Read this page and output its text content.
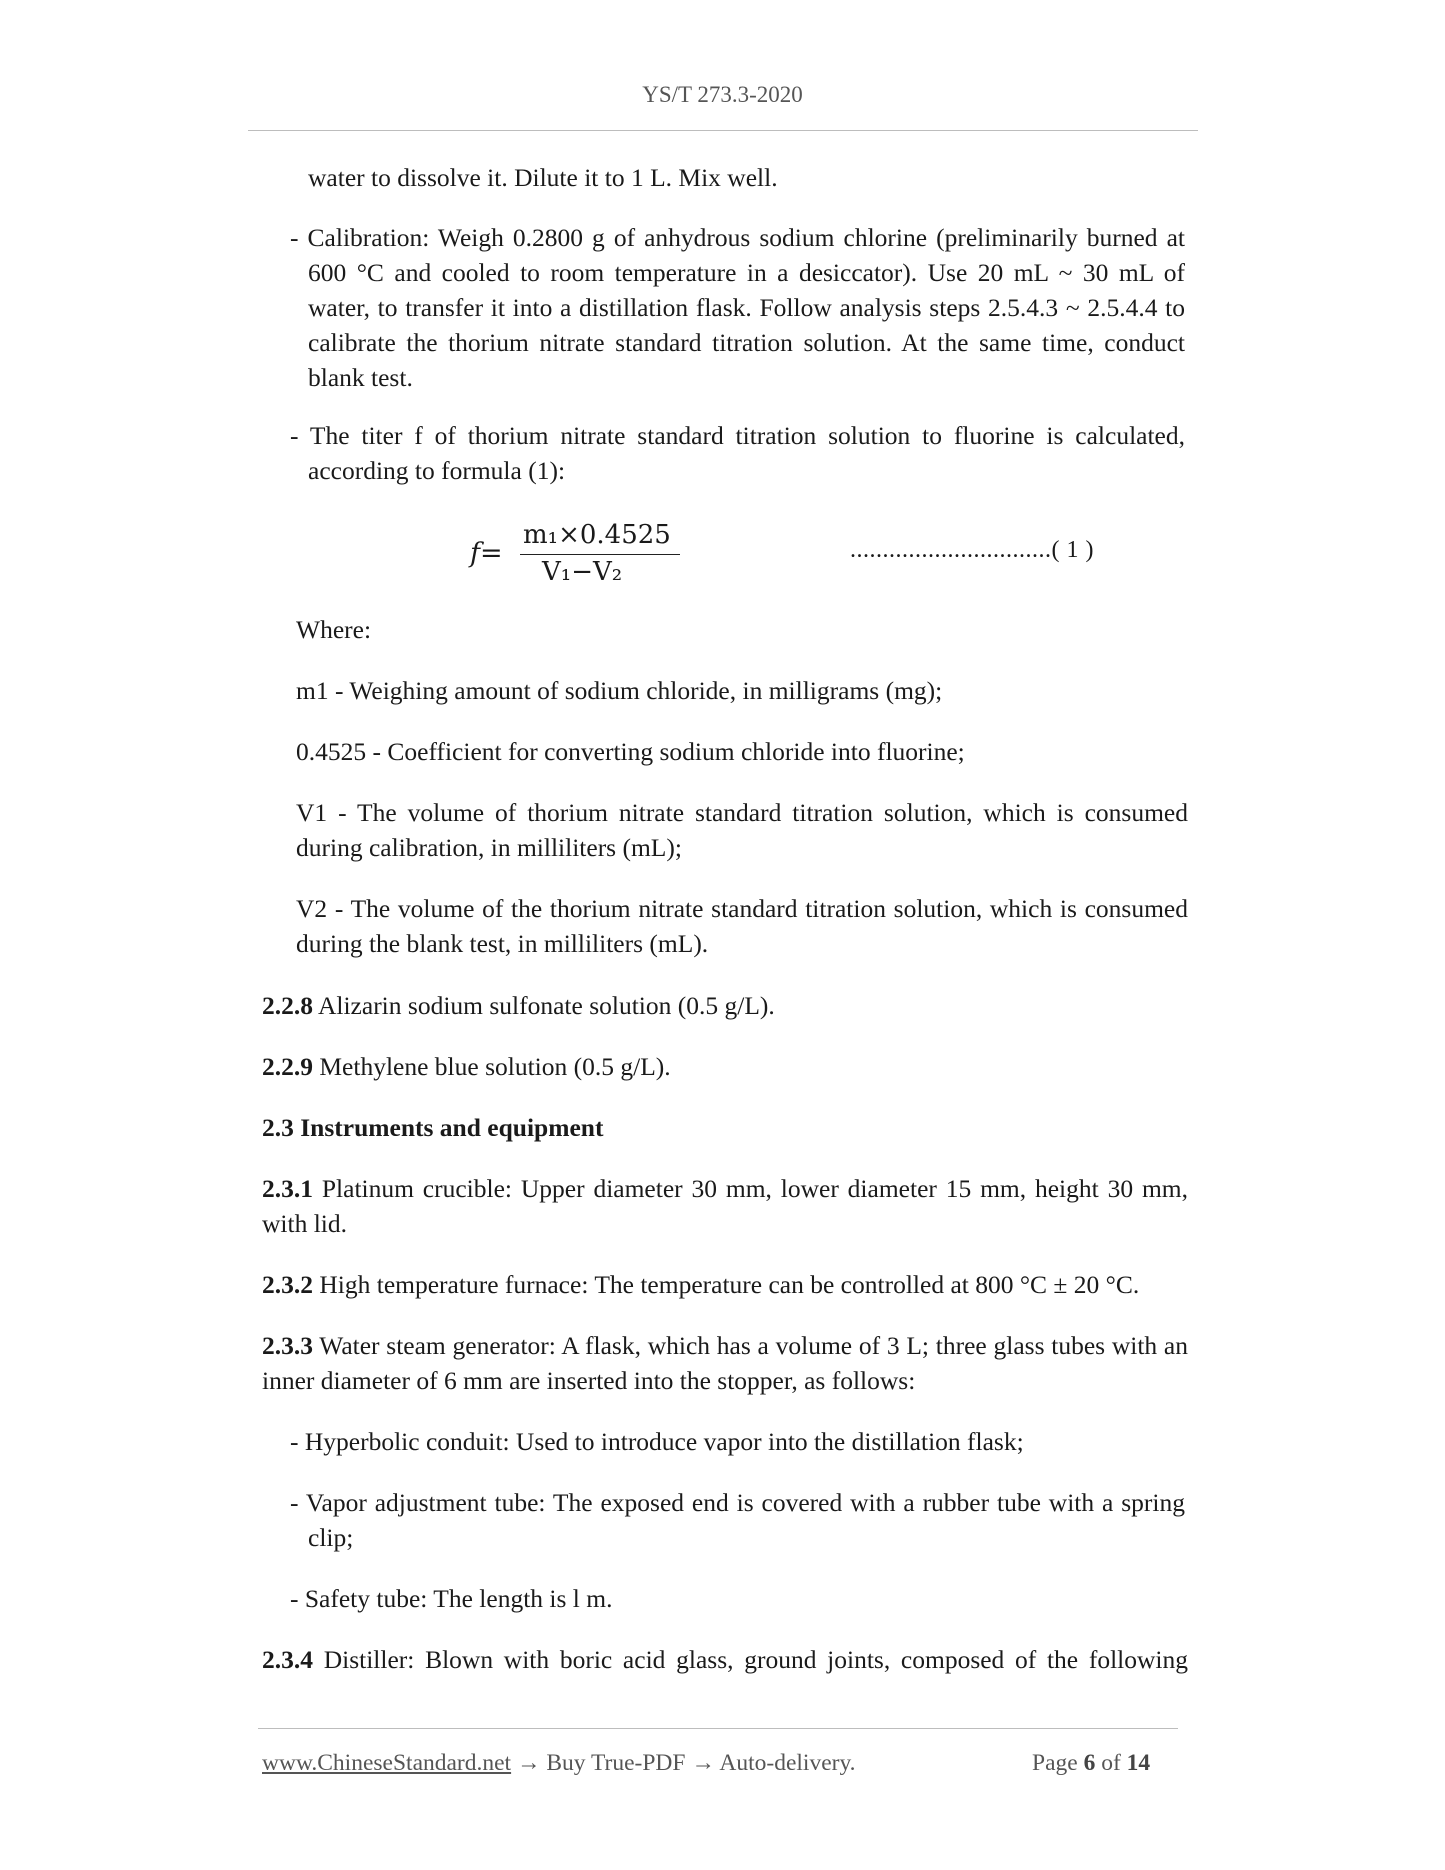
YS/T 273.3-2020

water to dissolve it. Dilute it to 1 L. Mix well.

- Calibration: Weigh 0.2800 g of anhydrous sodium chlorine (preliminarily burned at 600 °C and cooled to room temperature in a desiccator). Use 20 mL ~ 30 mL of water, to transfer it into a distillation flask. Follow analysis steps 2.5.4.3 ~ 2.5.4.4 to calibrate the thorium nitrate standard titration solution. At the same time, conduct blank test.

- The titer f of thorium nitrate standard titration solution to fluorine is calculated, according to formula (1):

f=
m₁×0.4525
V₁−V₂
...............................( 1 )

Where:

m1 - Weighing amount of sodium chloride, in milligrams (mg);

0.4525 - Coefficient for converting sodium chloride into fluorine;

V1 - The volume of thorium nitrate standard titration solution, which is consumed during calibration, in milliliters (mL);

V2 - The volume of the thorium nitrate standard titration solution, which is consumed during the blank test, in milliliters (mL).

2.2.8 Alizarin sodium sulfonate solution (0.5 g/L).

2.2.9 Methylene blue solution (0.5 g/L).

2.3 Instruments and equipment

2.3.1 Platinum crucible: Upper diameter 30 mm, lower diameter 15 mm, height 30 mm, with lid.

2.3.2 High temperature furnace: The temperature can be controlled at 800 °C ± 20 °C.

2.3.3 Water steam generator: A flask, which has a volume of 3 L; three glass tubes with an inner diameter of 6 mm are inserted into the stopper, as follows:

- Hyperbolic conduit: Used to introduce vapor into the distillation flask;

- Vapor adjustment tube: The exposed end is covered with a rubber tube with a spring clip;

- Safety tube: The length is l m.

2.3.4 Distiller: Blown with boric acid glass, ground joints, composed of the following

www.ChineseStandard.net → Buy True-PDF → Auto-delivery.	Page 6 of 14
